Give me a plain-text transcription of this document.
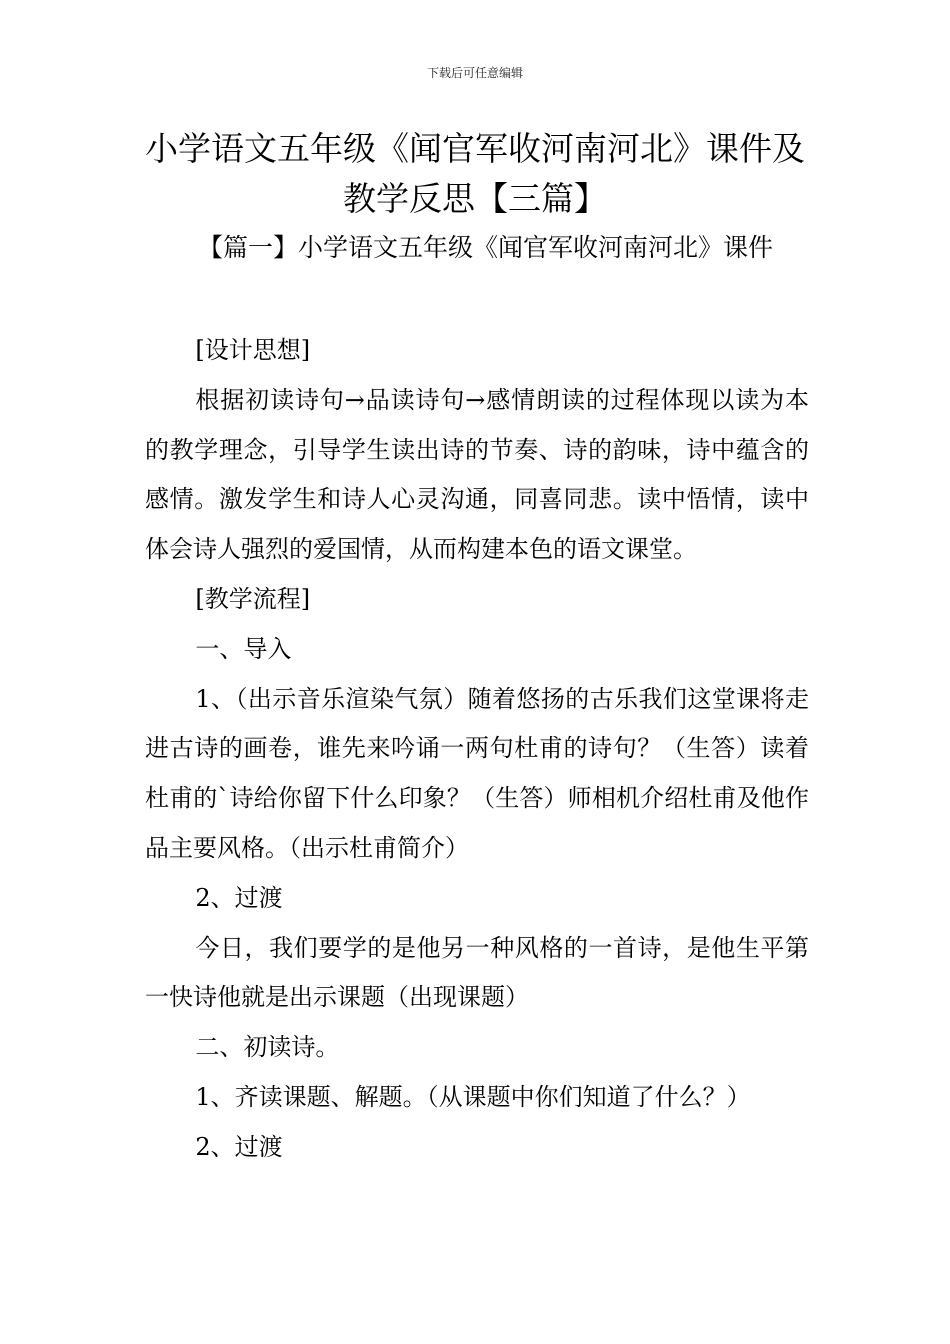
下载后可任意编辑
小学语文五年级《闻官军收河南河北》课件及教学反思【三篇】
【篇一】小学语文五年级《闻官军收河南河北》课件

[设计思想]

根据初读诗句→品读诗句→感情朗读的过程体现以读为本的教学理念，引导学生读出诗的节奏、诗的韵味，诗中蕴含的感情。激发学生和诗人心灵沟通，同喜同悲。读中悟情，读中体会诗人强烈的爱国情，从而构建本色的语文课堂。

[教学流程]

一、导入

1、（出示音乐渲染气氛）随着悠扬的古乐我们这堂课将走进古诗的画卷，谁先来吟诵一两句杜甫的诗句？（生答）读着杜甫的`诗给你留下什么印象？（生答）师相机介绍杜甫及他作品主要风格。（出示杜甫简介）

2、过渡

今日，我们要学的是他另一种风格的一首诗，是他生平第一快诗他就是出示课题（出现课题）

二、初读诗。

1、齐读课题、解题。（从课题中你们知道了什么？）

2、过渡
